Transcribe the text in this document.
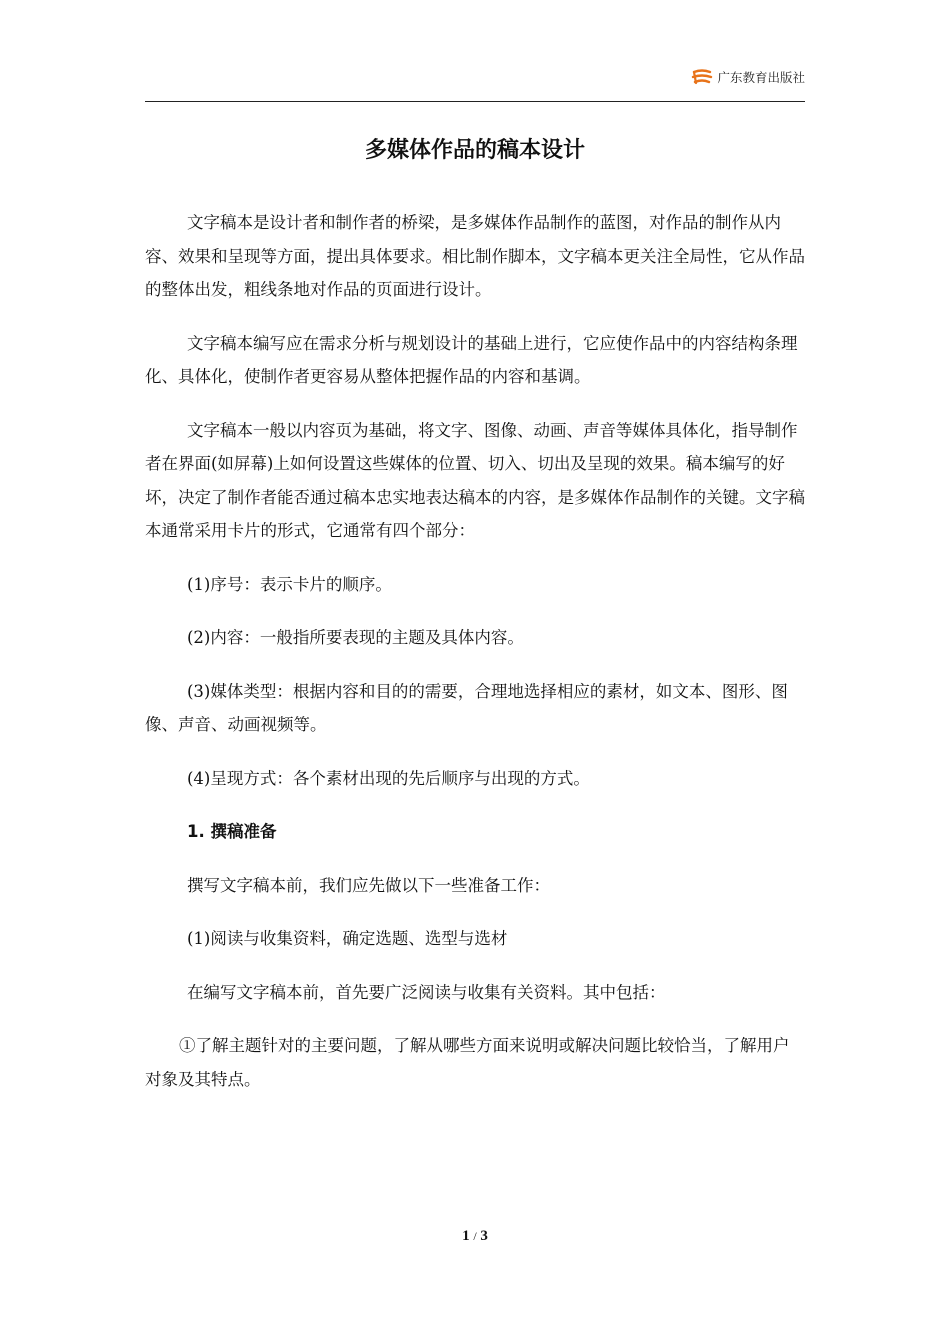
广东教育出版社
多媒体作品的稿本设计

文字稿本是设计者和制作者的桥梁，是多媒体作品制作的蓝图，对作品的制作从内容、效果和呈现等方面，提出具体要求。相比制作脚本，文字稿本更关注全局性，它从作品的整体出发，粗线条地对作品的页面进行设计。

文字稿本编写应在需求分析与规划设计的基础上进行，它应使作品中的内容结构条理化、具体化，使制作者更容易从整体把握作品的内容和基调。

文字稿本一般以内容页为基础，将文字、图像、动画、声音等媒体具体化，指导制作者在界面(如屏幕)上如何设置这些媒体的位置、切入、切出及呈现的效果。稿本编写的好坏，决定了制作者能否通过稿本忠实地表达稿本的内容，是多媒体作品制作的关键。文字稿本通常采用卡片的形式，它通常有四个部分：

(1)序号：表示卡片的顺序。

(2)内容：一般指所要表现的主题及具体内容。

(3)媒体类型：根据内容和目的的需要，合理地选择相应的素材，如文本、图形、图像、声音、动画视频等。

(4)呈现方式：各个素材出现的先后顺序与出现的方式。

1. 撰稿准备

撰写文字稿本前，我们应先做以下一些准备工作：

(1)阅读与收集资料，确定选题、选型与选材

在编写文字稿本前，首先要广泛阅读与收集有关资料。其中包括：

①了解主题针对的主要问题，了解从哪些方面来说明或解决问题比较恰当，了解用户对象及其特点。

1 / 3
